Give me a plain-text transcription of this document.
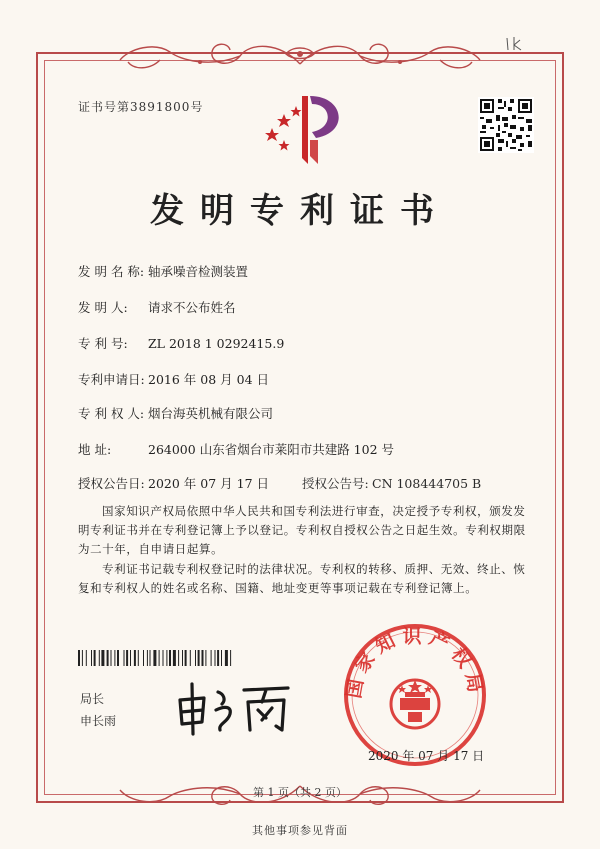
证书号第3891800号
发明专利证书
发 明 名 称: 轴承噪音检测装置
发 明 人: 请求不公布姓名
专 利 号: ZL 2018 1 0292415.9
专利申请日: 2016 年 08 月 04 日
专 利 权 人: 烟台海英机械有限公司
地 址:	264000 山东省烟台市莱阳市共建路 102 号
授权公告日: 2020 年 07 月 17 日	授权公告号: CN 108444705 B
国家知识产权局依照中华人民共和国专利法进行审查，决定授予专利权，颁发发明专利证书并在专利登记簿上予以登记。专利权自授权公告之日起生效。专利权期限为二十年，自申请日起算。
专利证书记载专利权登记时的法律状况。专利权的转移、质押、无效、终止、恢复和专利权人的姓名或名称、国籍、地址变更等事项记载在专利登记簿上。
局长
申长雨
国家知识产权局
2020 年 07 月 17 日
第 1 页（共 2 页）
其他事项参见背面
